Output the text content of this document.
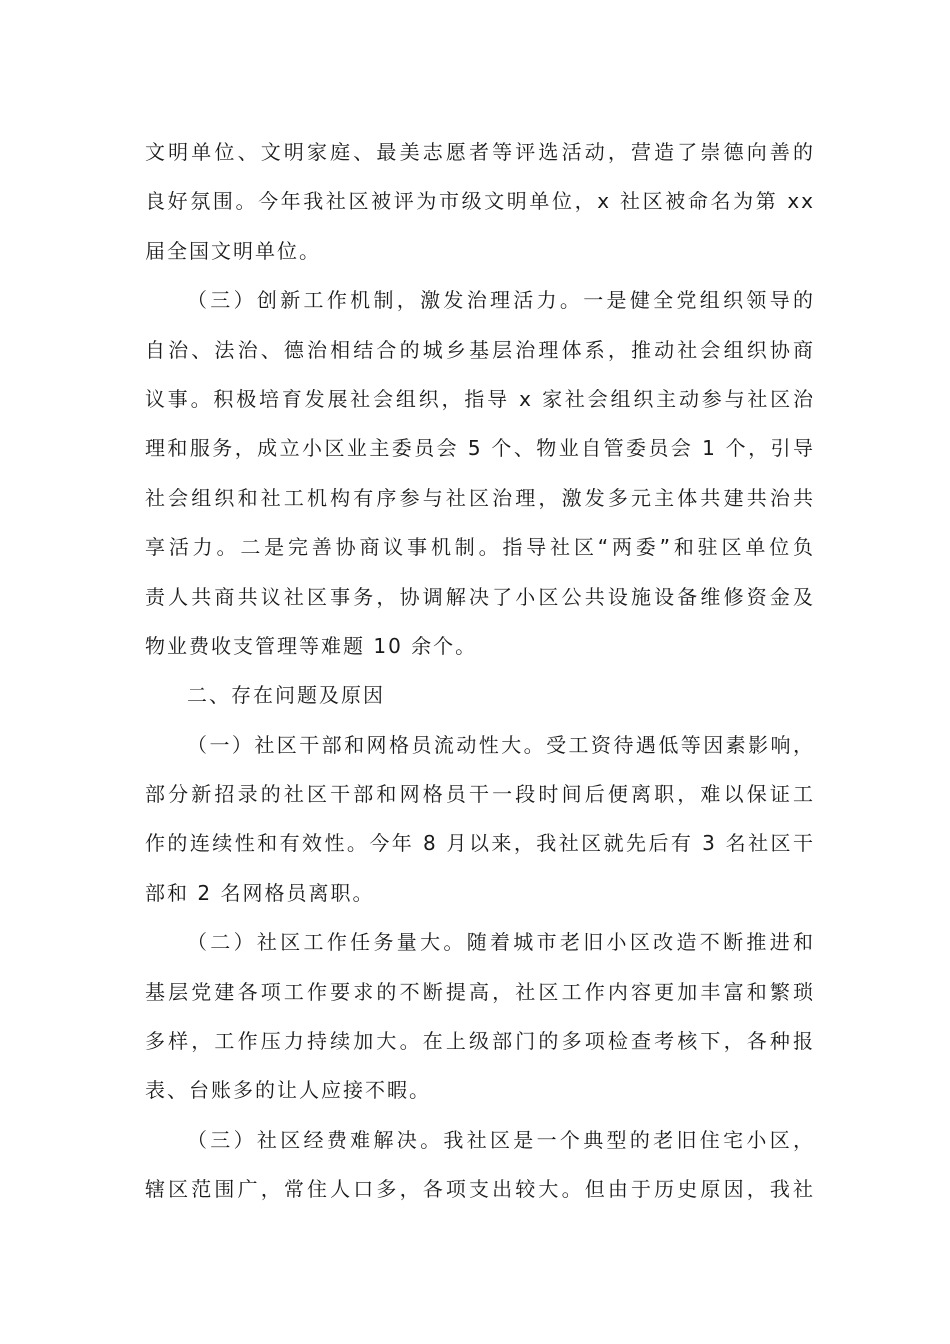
文明单位、文明家庭、最美志愿者等评选活动，营造了崇德向善的
良好氛围。今年我社区被评为市级文明单位，x 社区被命名为第 xx
届全国文明单位。
（三）创新工作机制，激发治理活力。一是健全党组织领导的
自治、法治、德治相结合的城乡基层治理体系，推动社会组织协商
议事。积极培育发展社会组织，指导 x 家社会组织主动参与社区治
理和服务，成立小区业主委员会 5 个、物业自管委员会 1 个，引导
社会组织和社工机构有序参与社区治理，激发多元主体共建共治共
享活力。二是完善协商议事机制。指导社区“两委”和驻区单位负
责人共商共议社区事务，协调解决了小区公共设施设备维修资金及
物业费收支管理等难题 10 余个。
二、存在问题及原因
（一）社区干部和网格员流动性大。受工资待遇低等因素影响，
部分新招录的社区干部和网格员干一段时间后便离职，难以保证工
作的连续性和有效性。今年 8 月以来，我社区就先后有 3 名社区干
部和 2 名网格员离职。
（二）社区工作任务量大。随着城市老旧小区改造不断推进和
基层党建各项工作要求的不断提高，社区工作内容更加丰富和繁琐
多样，工作压力持续加大。在上级部门的多项检查考核下，各种报
表、台账多的让人应接不暇。
（三）社区经费难解决。我社区是一个典型的老旧住宅小区，
辖区范围广，常住人口多，各项支出较大。但由于历史原因，我社
